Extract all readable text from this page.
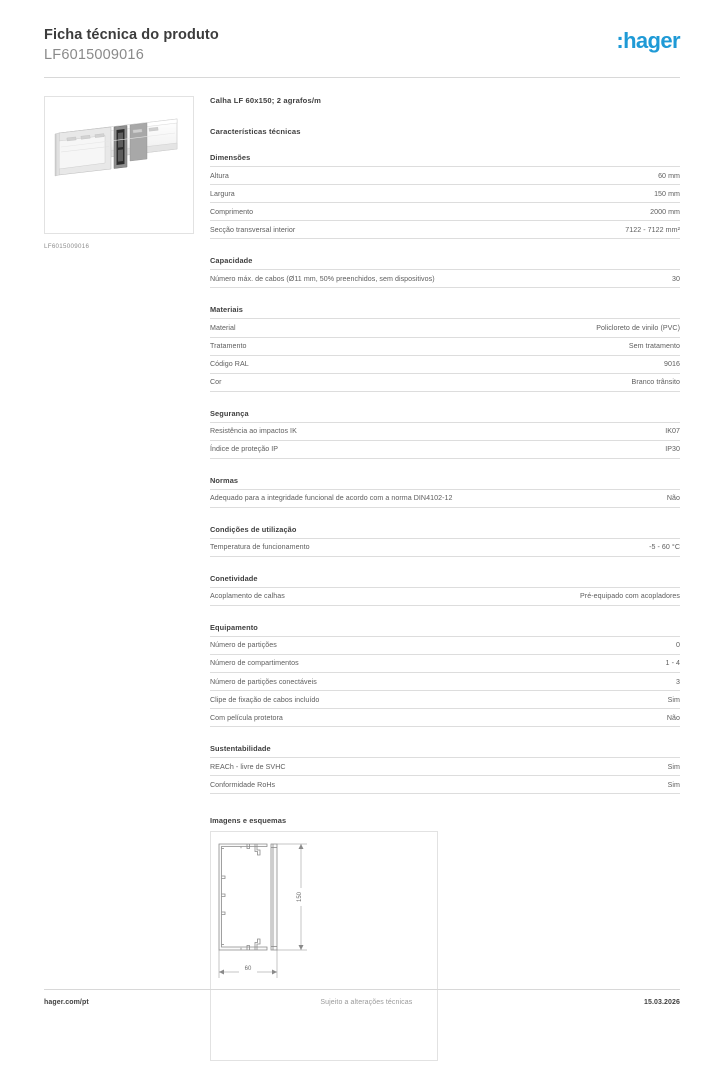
Ficha técnica do produto
LF6015009016
:hager
LF6015009016
Calha LF 60x150; 2 agrafos/m
Características técnicas
Dimensões
Altura	60 mm
Largura	150 mm
Comprimento	2000 mm
Secção transversal interior	7122 - 7122 mm²
Capacidade
Número máx. de cabos (Ø11 mm, 50% preenchidos, sem dispositivos)	30
Materiais
Material	Policloreto de vinilo (PVC)
Tratamento	Sem tratamento
Código RAL	9016
Cor	Branco trânsito
Segurança
Resistência ao impactos IK	IK07
Índice de proteção IP	IP30
Normas
Adequado para a integridade funcional de acordo com a norma DIN4102-12	Não
Condições de utilização
Temperatura de funcionamento	-5 - 60 °C
Conetividade
Acoplamento de calhas	Pré-equipado com acopladores
Equipamento
Número de partições	0
Número de compartimentos	1 - 4
Número de partições conectáveis	3
Clipe de fixação de cabos incluído	Sim
Com película protetora	Não
Sustentabilidade
REACh - livre de SVHC	Sim
Conformidade RoHs	Sim
Imagens e esquemas
150
60
hager.com/pt	Sujeito a alterações técnicas	15.03.2026
